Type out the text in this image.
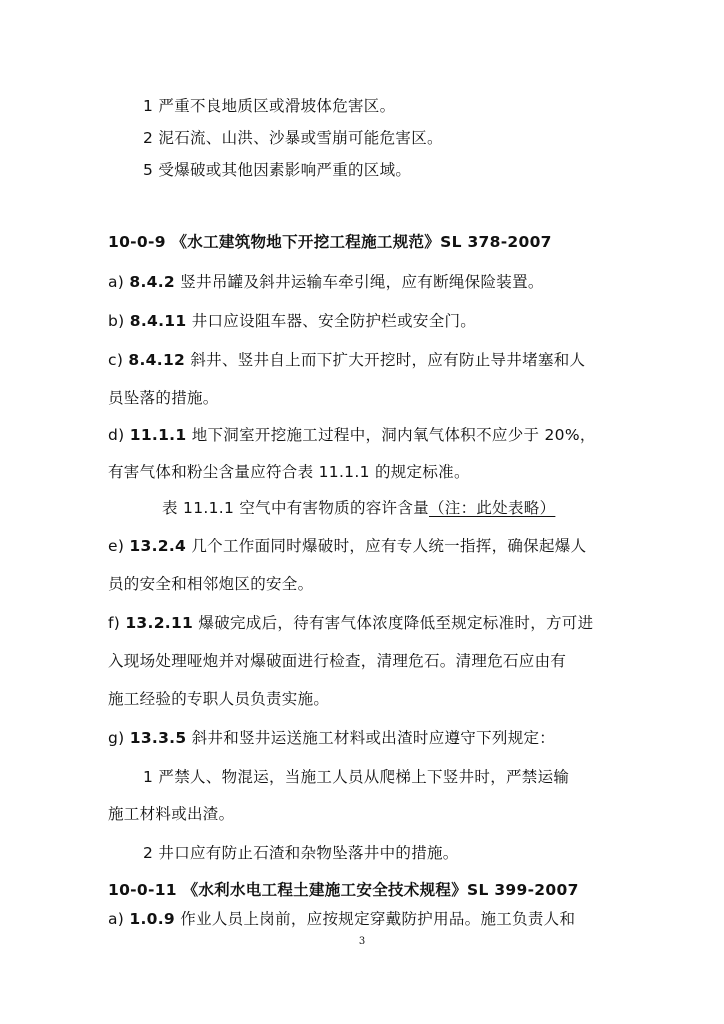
1 严重不良地质区或滑坡体危害区。
2 泥石流、山洪、沙暴或雪崩可能危害区。
5 受爆破或其他因素影响严重的区域。
10-0-9 《水工建筑物地下开挖工程施工规范》SL 378-2007
a) 8.4.2 竖井吊罐及斜井运输车牵引绳，应有断绳保险装置。
b) 8.4.11 井口应设阻车器、安全防护栏或安全门。
c) 8.4.12 斜井、竖井自上而下扩大开挖时，应有防止导井堵塞和人
员坠落的措施。
d) 11.1.1 地下洞室开挖施工过程中，洞内氧气体积不应少于 20%，
有害气体和粉尘含量应符合表 11.1.1 的规定标准。
表 11.1.1 空气中有害物质的容许含量（注：此处表略）
e) 13.2.4 几个工作面同时爆破时，应有专人统一指挥，确保起爆人
员的安全和相邻炮区的安全。
f) 13.2.11 爆破完成后，待有害气体浓度降低至规定标准时，方可进
入现场处理哑炮并对爆破面进行检查，清理危石。清理危石应由有
施工经验的专职人员负责实施。
g) 13.3.5 斜井和竖井运送施工材料或出渣时应遵守下列规定：
1 严禁人、物混运，当施工人员从爬梯上下竖井时，严禁运输
施工材料或出渣。
2 井口应有防止石渣和杂物坠落井中的措施。
10-0-11 《水利水电工程土建施工安全技术规程》SL 399-2007
a) 1.0.9 作业人员上岗前，应按规定穿戴防护用品。施工负责人和
3
